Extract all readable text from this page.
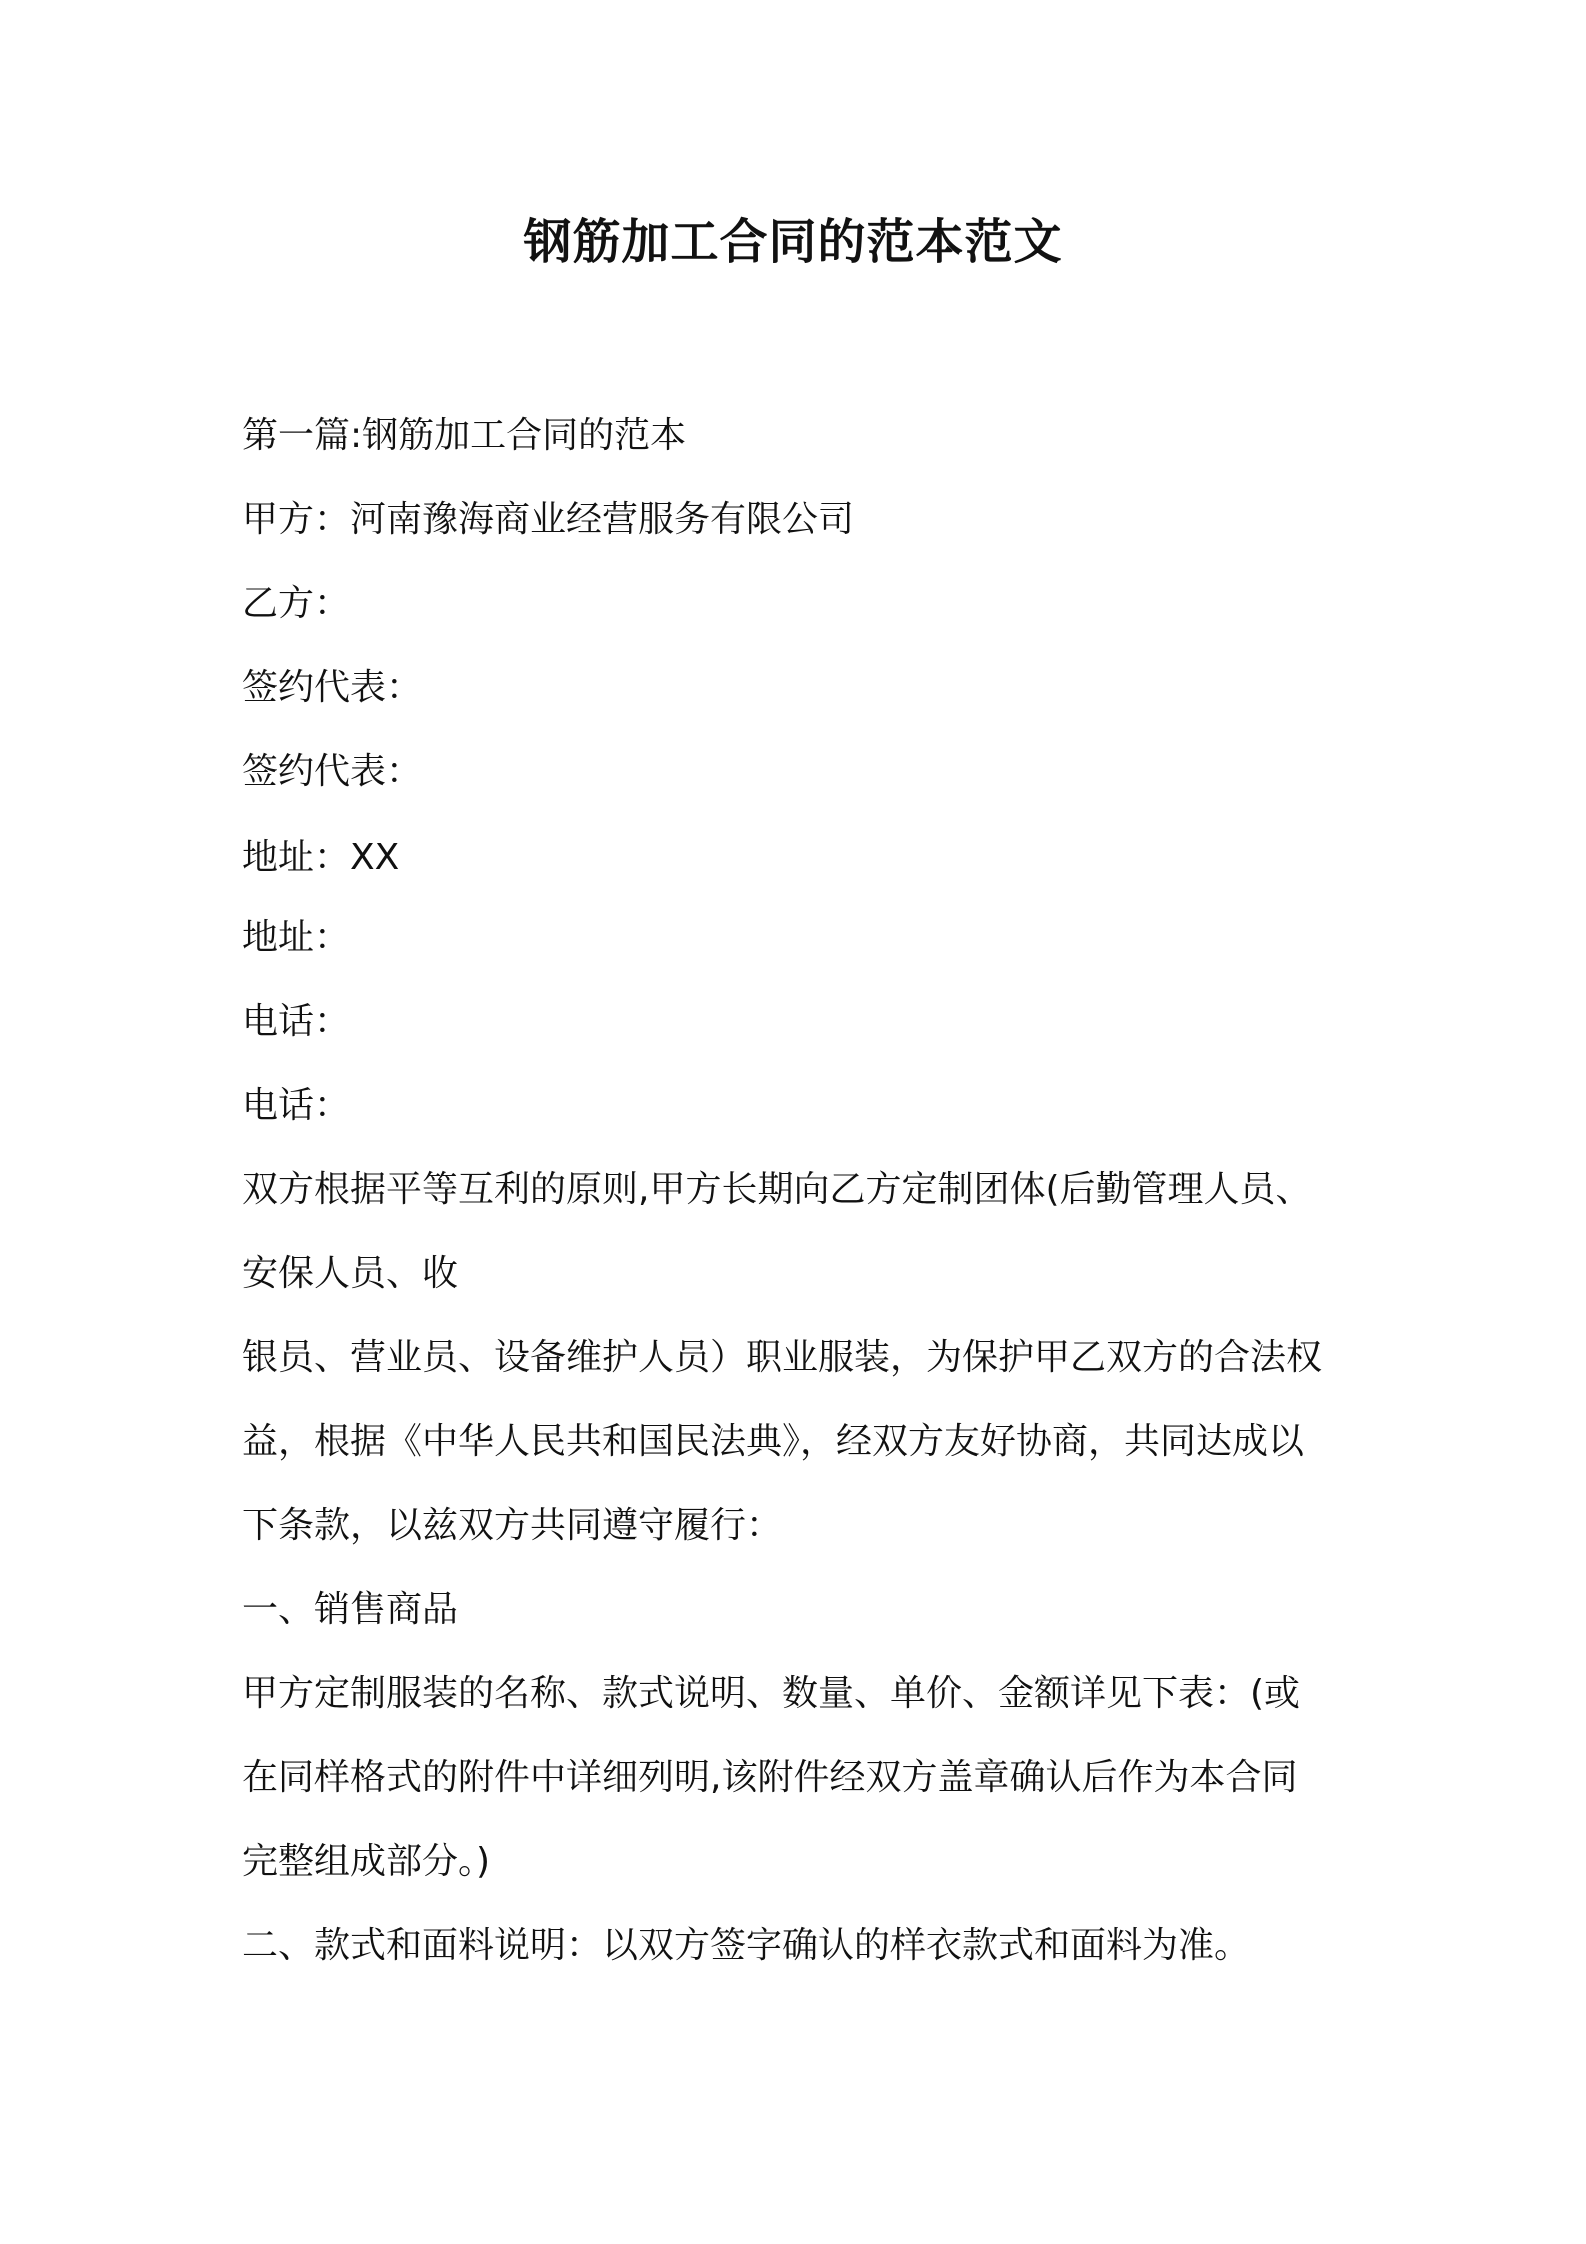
钢筋加工合同的范本范文
第一篇:钢筋加工合同的范本
甲方：河南豫海商业经营服务有限公司
乙方：
签约代表：
签约代表：
地址：XX
地址：
电话：
电话：
双方根据平等互利的原则,甲方长期向乙方定制团体(后勤管理人员、
安保人员、收
银员、营业员、设备维护人员）职业服装，为保护甲乙双方的合法权
益，根据《中华人民共和国民法典》，经双方友好协商，共同达成以
下条款，以兹双方共同遵守履行：
一、销售商品
甲方定制服装的名称、款式说明、数量、单价、金额详见下表：(或
在同样格式的附件中详细列明,该附件经双方盖章确认后作为本合同
完整组成部分。)
二、款式和面料说明：以双方签字确认的样衣款式和面料为准。
